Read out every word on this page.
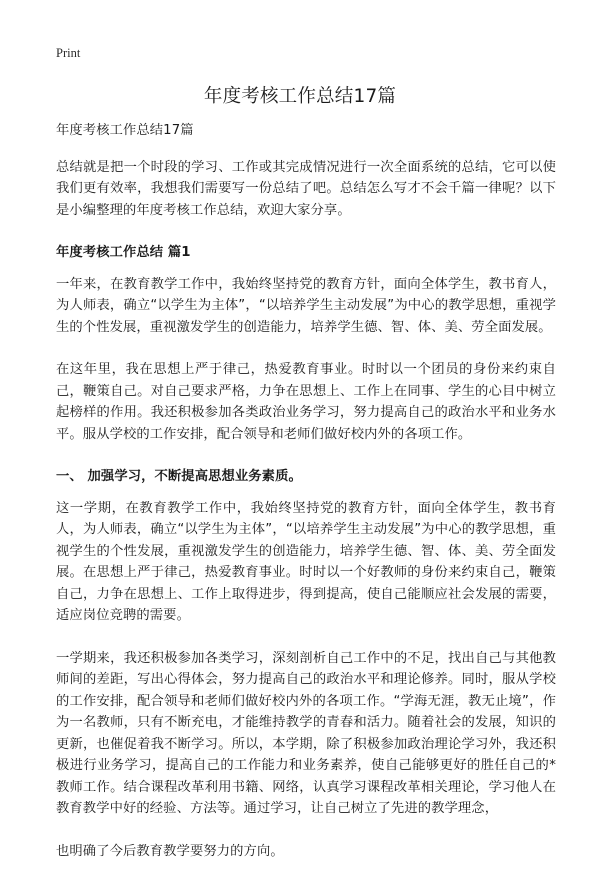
Print
年度考核工作总结17篇

年度考核工作总结17篇

总结就是把一个时段的学习、工作或其完成情况进行一次全面系统的总结，它可以使我们更有效率，我想我们需要写一份总结了吧。总结怎么写才不会千篇一律呢？以下是小编整理的年度考核工作总结，欢迎大家分享。

年度考核工作总结 篇1

一年来，在教育教学工作中，我始终坚持党的教育方针，面向全体学生，教书育人，为人师表，确立“以学生为主体”，“以培养学生主动发展”为中心的教学思想，重视学生的个性发展，重视激发学生的创造能力，培养学生德、智、体、美、劳全面发展。

在这年里，我在思想上严于律己，热爱教育事业。时时以一个团员的身份来约束自己，鞭策自己。对自己要求严格，力争在思想上、工作上在同事、学生的心目中树立起榜样的作用。我还积极参加各类政治业务学习，努力提高自己的政治水平和业务水平。服从学校的工作安排，配合领导和老师们做好校内外的各项工作。

一、 加强学习，不断提高思想业务素质。

这一学期，在教育教学工作中，我始终坚持党的教育方针，面向全体学生，教书育人，为人师表，确立“以学生为主体”，“以培养学生主动发展”为中心的教学思想，重视学生的个性发展，重视激发学生的创造能力，培养学生德、智、体、美、劳全面发展。在思想上严于律己，热爱教育事业。时时以一个好教师的身份来约束自己，鞭策自己，力争在思想上、工作上取得进步，得到提高，使自己能顺应社会发展的需要，适应岗位竞聘的需要。

一学期来，我还积极参加各类学习，深刻剖析自己工作中的不足，找出自己与其他教师间的差距，写出心得体会，努力提高自己的政治水平和理论修养。同时，服从学校的工作安排，配合领导和老师们做好校内外的各项工作。“学海无涯，教无止境”，作为一名教师，只有不断充电，才能维持教学的青春和活力。随着社会的发展，知识的更新，也催促着我不断学习。所以，本学期，除了积极参加政治理论学习外，我还积极进行业务学习，提高自己的工作能力和业务素养，使自己能够更好的胜任自己的*教师工作。结合课程改革利用书籍、网络，认真学习课程改革相关理论，学习他人在教育教学中好的经验、方法等。通过学习，让自己树立了先进的教学理念，

也明确了今后教育教学要努力的方向。
